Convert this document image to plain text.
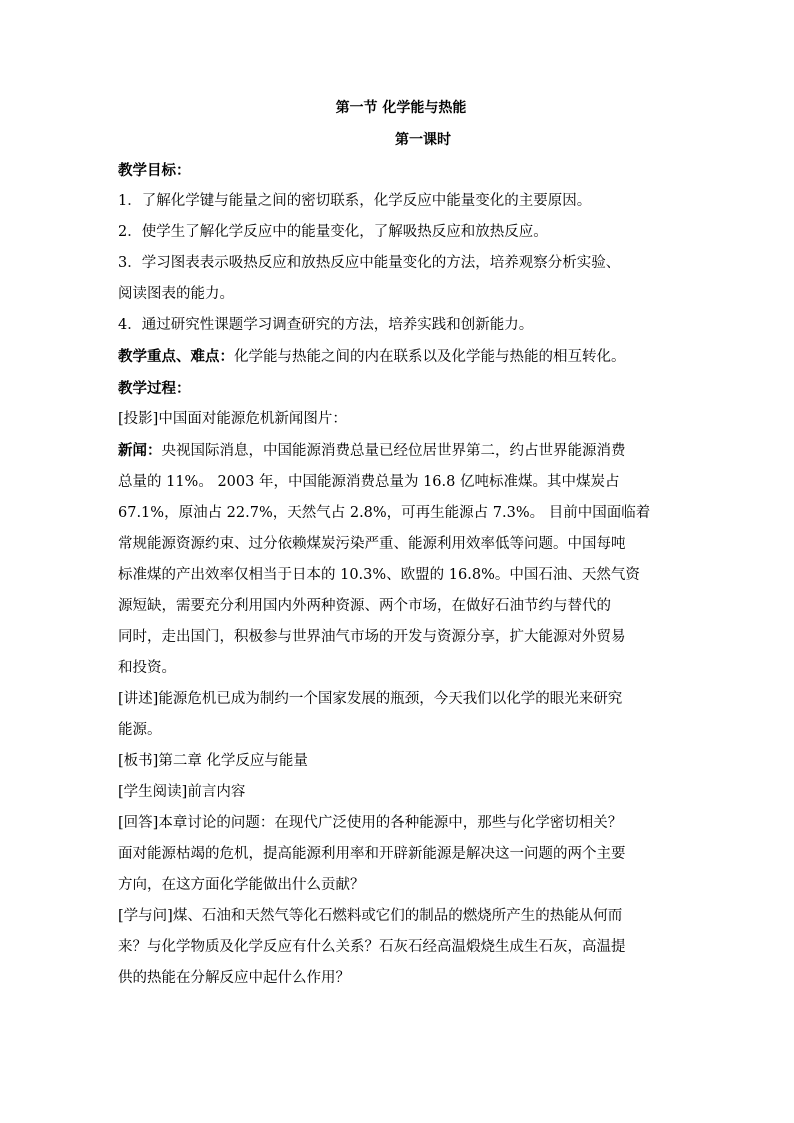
第一节 化学能与热能

第一课时

教学目标：

1．了解化学键与能量之间的密切联系，化学反应中能量变化的主要原因。

2．使学生了解化学反应中的能量变化，了解吸热反应和放热反应。

3．学习图表表示吸热反应和放热反应中能量变化的方法，培养观察分析实验、

阅读图表的能力。

4．通过研究性课题学习调查研究的方法，培养实践和创新能力。

教学重点、难点：化学能与热能之间的内在联系以及化学能与热能的相互转化。

教学过程：

[投影]中国面对能源危机新闻图片：

新闻：央视国际消息，中国能源消费总量已经位居世界第二，约占世界能源消费

总量的 11%。 2003 年，中国能源消费总量为 16.8 亿吨标准煤。其中煤炭占

67.1%，原油占 22.7%，天然气占 2.8%，可再生能源占 7.3%。 目前中国面临着

常规能源资源约束、过分依赖煤炭污染严重、能源利用效率低等问题。中国每吨

标准煤的产出效率仅相当于日本的 10.3%、欧盟的 16.8%。中国石油、天然气资

源短缺，需要充分利用国内外两种资源、两个市场，在做好石油节约与替代的

同时，走出国门，积极参与世界油气市场的开发与资源分享，扩大能源对外贸易

和投资。

[讲述]能源危机已成为制约一个国家发展的瓶颈，今天我们以化学的眼光来研究

能源。

[板书]第二章 化学反应与能量

[学生阅读]前言内容

[回答]本章讨论的问题：在现代广泛使用的各种能源中，那些与化学密切相关？

面对能源枯竭的危机，提高能源利用率和开辟新能源是解决这一问题的两个主要

方向，在这方面化学能做出什么贡献？

[学与问]煤、石油和天然气等化石燃料或它们的制品的燃烧所产生的热能从何而

来？与化学物质及化学反应有什么关系？石灰石经高温煅烧生成生石灰，高温提

供的热能在分解反应中起什么作用？
